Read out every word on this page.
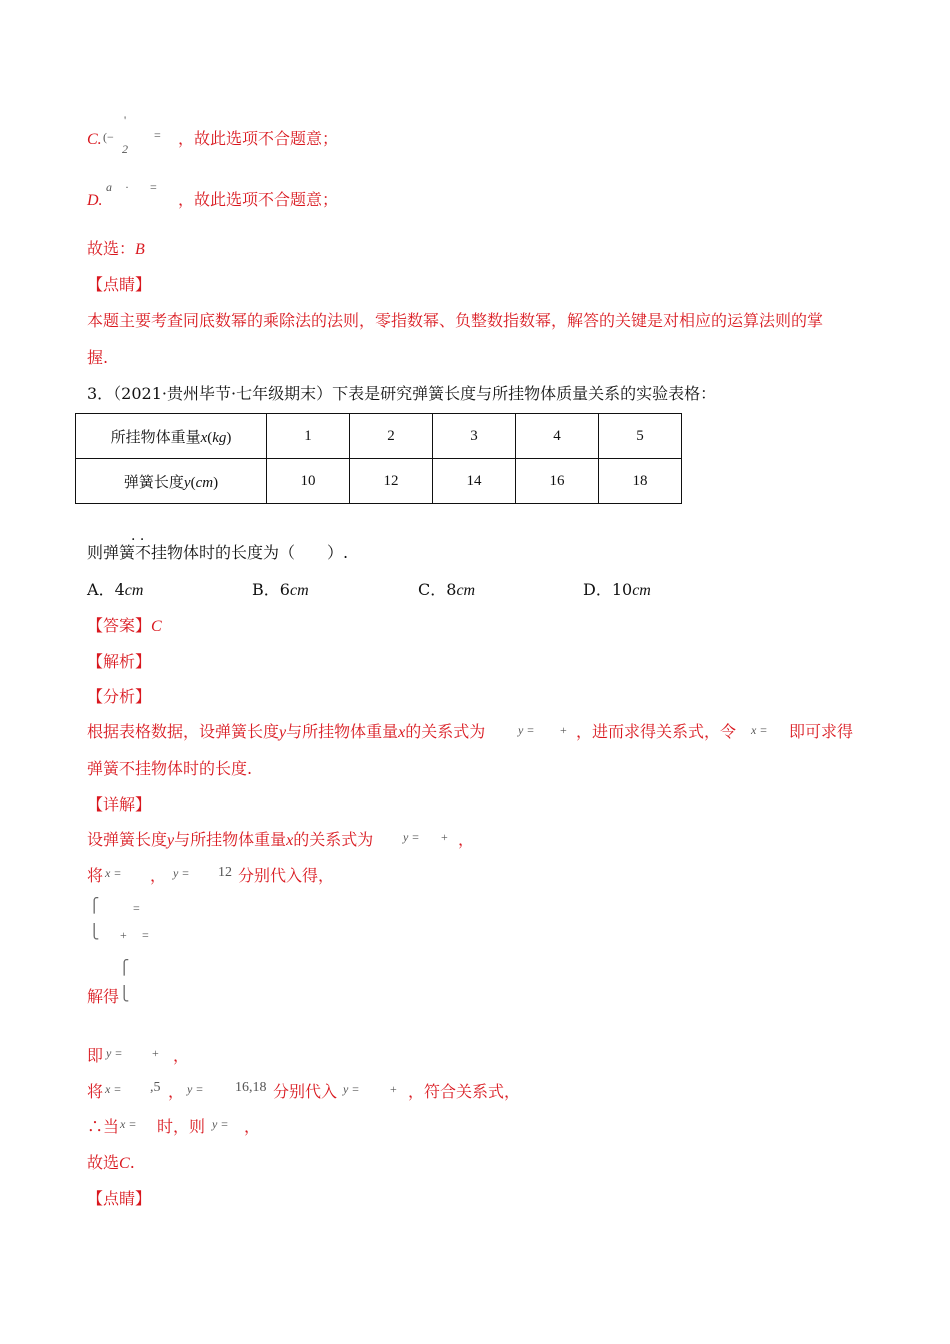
C. (−
'
2
= ，故此选项不合题意；
D.
a · =
，故此选项不合题意；
故选：B
【点睛】
本题主要考查同底数幂的乘除法的法则，零指数幂、负整数指数幂，解答的关键是对相应的运算法则的掌
握.
3．（2021·贵州毕节·七年级期末）下表是研究弹簧长度与所挂物体质量关系的实验表格：
所挂物体重量x(kg)	1	2	3	4	5
弹簧长度y(cm)	10	12	14	16	18
则弹簧· · 不挂物体时的长度为（　　）.
A．4cm	B．6cm	C．8cm	D．10cm
【答案】C
【解析】
【分析】
根据表格数据，设弹簧长度y与所挂物体重量x的关系式为	y = + ，进而求得关系式，令 x = 即可求得
弹簧不挂物体时的长度.
【详解】
设弹簧长度y与所挂物体重量x的关系式为 y = + ，
将 x = ， y = 12 分别代入得，
⎧
⎩
=
+ =
⎧
⎩
解得
即 y = + ，
将 x = ,5 ， y = 16,18 分别代入 y =	+ ，符合关系式，
∴当 x = 时，则 y = ，
故选C.
【点睛】
